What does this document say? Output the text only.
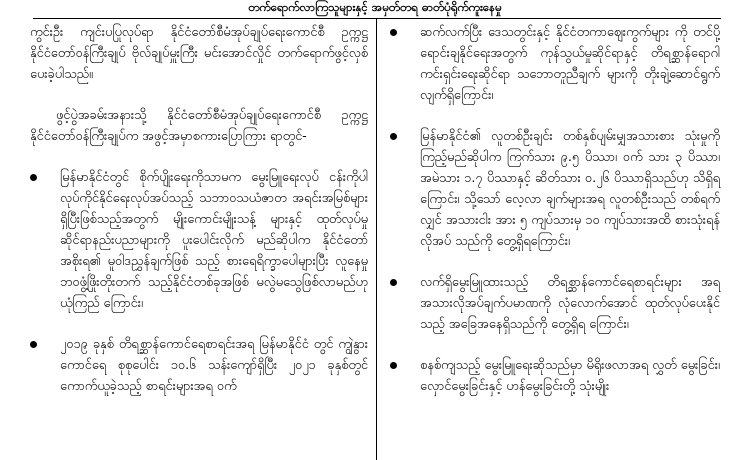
တက်ရောက်လာကြသူများနှင့် အမှတ်တရ ဓာတ်ပုံရိုက်ကူးနေမှု

ကွင်းဦး ကျင်းပပြုလုပ်ရာ နိုင်ငံတော်စီမံအုပ်ချုပ်ရေးကောင်စီ ဥက္ကဋ္ဌ နိုင်ငံတော်ဝန်ကြီးချုပ် ဗိုလ်ချုပ်မှူးကြီး မင်းအောင်လှိုင် တက်ရောက်ဖွင့်လှစ်ပေးခဲ့ပါသည်။

ဖွင့်ပွဲအခမ်းအနားသို့ နိုင်ငံတော်စီမံအုပ်ချုပ်ရေးကောင်စီ ဥက္ကဋ္ဌ နိုင်ငံတော်ဝန်ကြီးချုပ်က အဖွင့်အမှာစကားပြောကြား ရာတွင်-

မြန်မာနိုင်ငံတွင် စိုက်ပျိုးရေးကိုသာမက မွေးမြူရေးလုပ် ငန်းကိုပါ လုပ်ကိုင်နိုင်ရေးလုပ်အပ်သည့် သဘာဝသယံဇာတ အရင်းအမြစ်များရှိပြီးဖြစ်သည့်အတွက် မျိုးကောင်းမျိုးသန့် များနှင့် ထုတ်လုပ်မှုဆိုင်ရာနည်းပညာများကို ပူးပေါင်းလိုက် မည်ဆိုပါက နိုင်ငံတော်အစိုးရ၏ မူဝါဒညွှန်ချက်ဖြစ် သည့် စားရေရိက္ခာပေါများပြီး လူနေမှုဘဝဖွံ့ဖြိုးတိုးတက် သည့်နိုင်ငံတစ်ခုအဖြစ် မလွဲမသွေဖြစ်လာမည်ဟု ယုံကြည် ကြောင်း၊
၂၀၁၉ ခုနှစ် တိရစ္ဆာန်ကောင်ရေစာရင်းအရ မြန်မာနိုင်ငံ တွင် ကျွဲနွားကောင်ရေ စုစုပေါင်း ၁၀.၆ သန်းကျော်ရှိပြီး ၂၀၂၁ ခုနှစ်တွင် ကောက်ယူခဲ့သည့် စာရင်းများအရ ဝက်
ဆက်လက်ပြီး ဒေသတွင်းနှင့် နိုင်ငံတကာဈေးကွက်များ ကို တင်ပို့ရောင်းချနိုင်ရေးအတွက် ကုန်သွယ်မှုဆိုင်ရာနှင့် တိရစ္ဆာန်ရောဂါကင်းရှင်းရေးဆိုင်ရာ သဘောတူညီချက် များကို တိုးချဲ့ဆောင်ရွက်လျက်ရှိကြောင်း၊
မြန်မာနိုင်ငံ၏ လူတစ်ဦးချင်း တစ်နှစ်ပျမ်းမျှအသားစား သုံးမှုကို ကြည့်မည်ဆိုပါက ကြက်သား ၉.၅ ပိဿာ၊ ဝက် သား ၃ ပိဿာ၊ အမဲသား ၁.၇ ပိဿာနှင့် ဆိတ်သား ၀.၂၆ ပိဿာရှိသည်ဟု သိရှိရကြောင်း၊ သို့သော် လေ့လာ ချက်များအရ လူတစ်ဦးသည် တစ်ရက်လျှင် အသားငါး အား ၅ ကျပ်သားမှ ၁၀ ကျပ်သားအထိ စားသုံးရန် လိုအပ် သည်ကို တွေ့ရှိရကြောင်း၊
လက်ရှိမွေးမြူထားသည့် တိရစ္ဆာန်ကောင်ရေစာရင်းများ အရ အသားလိုအပ်ချက်ပမာဏကို လုံလောက်အောင် ထုတ်လုပ်ပေးနိုင်သည့် အခြေအနေရှိသည်ကို တွေ့ရှိရ ကြောင်း၊
စနစ်ကျသည့် မွေးမြူရေးဆိုသည်မှာ မိရိုးဖလာအရ လွှတ် မွေးခြင်း၊ လှောင်မွေးခြင်းနှင့် ဟန်မွေးခြင်းတို့ သုံးမျိုး
